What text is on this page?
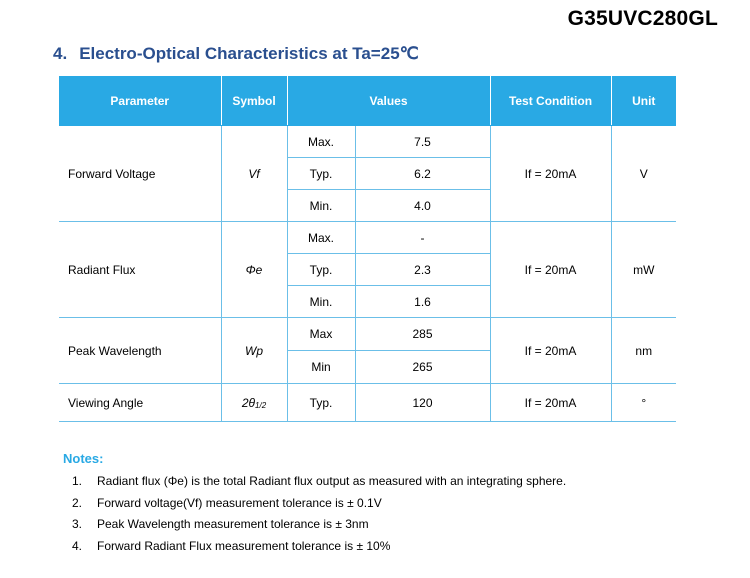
G35UVC280GL
4. Electro-Optical Characteristics at Ta=25℃
Parameter	Symbol	Values		Test Condition	Unit
Forward Voltage	Vf	Max.	7.5	If = 20mA	V
		Typ.	6.2		
		Min.	4.0		
Radiant Flux	Φe	Max.	-	If = 20mA	mW
		Typ.	2.3		
		Min.	1.6		
Peak Wavelength	Wp	Max	285	If = 20mA	nm
		Min	265		
Viewing Angle	$2\theta_{1/2}$	Typ.	120	If = 20mA	°
Notes:
1. Radiant flux (Φe) is the total Radiant flux output as measured with an integrating sphere.
2. Forward voltage(Vf) measurement tolerance is ± 0.1V
3. Peak Wavelength measurement tolerance is ± 3nm
4. Forward Radiant Flux measurement tolerance is ± 10%
